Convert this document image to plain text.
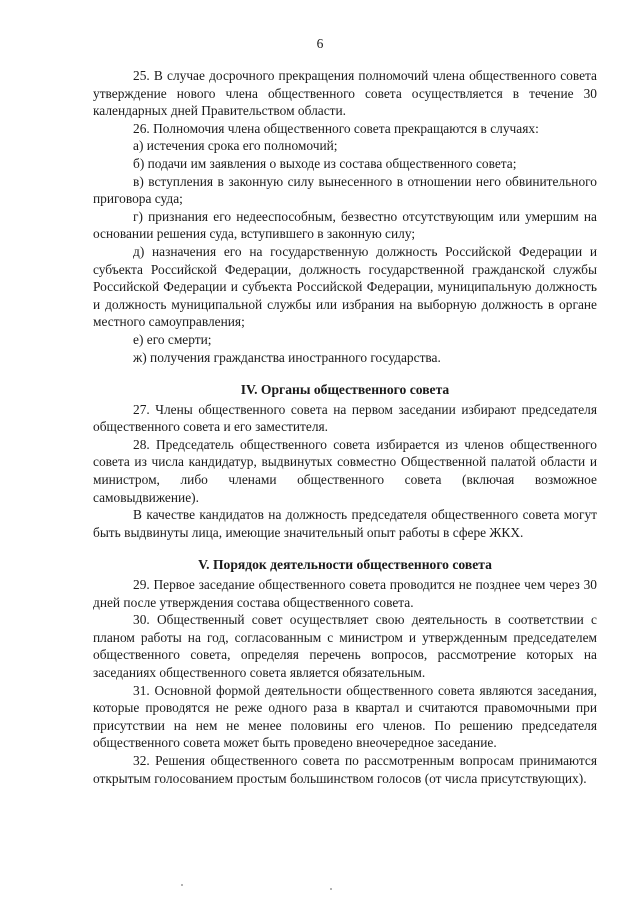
6

25. В случае досрочного прекращения полномочий члена общественного совета утверждение нового члена общественного совета осуществляется в течение 30 календарных дней Правительством области.

26. Полномочия члена общественного совета прекращаются в случаях:

а) истечения срока его полномочий;

б) подачи им заявления о выходе из состава общественного совета;

в) вступления в законную силу вынесенного в отношении него обвинительного приговора суда;

г) признания его недееспособным, безвестно отсутствующим или умершим на основании решения суда, вступившего в законную силу;

д) назначения его на государственную должность Российской Федерации и субъекта Российской Федерации, должность государственной гражданской службы Российской Федерации и субъекта Российской Федерации, муниципальную должность и должность муниципальной службы или избрания на выборную должность в органе местного самоуправления;

е) его смерти;

ж) получения гражданства иностранного государства.

IV. Органы общественного совета

27. Члены общественного совета на первом заседании избирают председателя общественного совета и его заместителя.

28. Председатель общественного совета избирается из членов общественного совета из числа кандидатур, выдвинутых совместно Общественной палатой области и министром, либо членами общественного совета (включая возможное самовыдвижение).

В качестве кандидатов на должность председателя общественного совета могут быть выдвинуты лица, имеющие значительный опыт работы в сфере ЖКХ.

V. Порядок деятельности общественного совета

29. Первое заседание общественного совета проводится не позднее чем через 30 дней после утверждения состава общественного совета.

30. Общественный совет осуществляет свою деятельность в соответствии с планом работы на год, согласованным с министром и утвержденным председателем общественного совета, определяя перечень вопросов, рассмотрение которых на заседаниях общественного совета является обязательным.

31. Основной формой деятельности общественного совета являются заседания, которые проводятся не реже одного раза в квартал и считаются правомочными при присутствии на нем не менее половины его членов. По решению председателя общественного совета может быть проведено внеочередное заседание.

32. Решения общественного совета по рассмотренным вопросам принимаются открытым голосованием простым большинством голосов (от числа присутствующих).
